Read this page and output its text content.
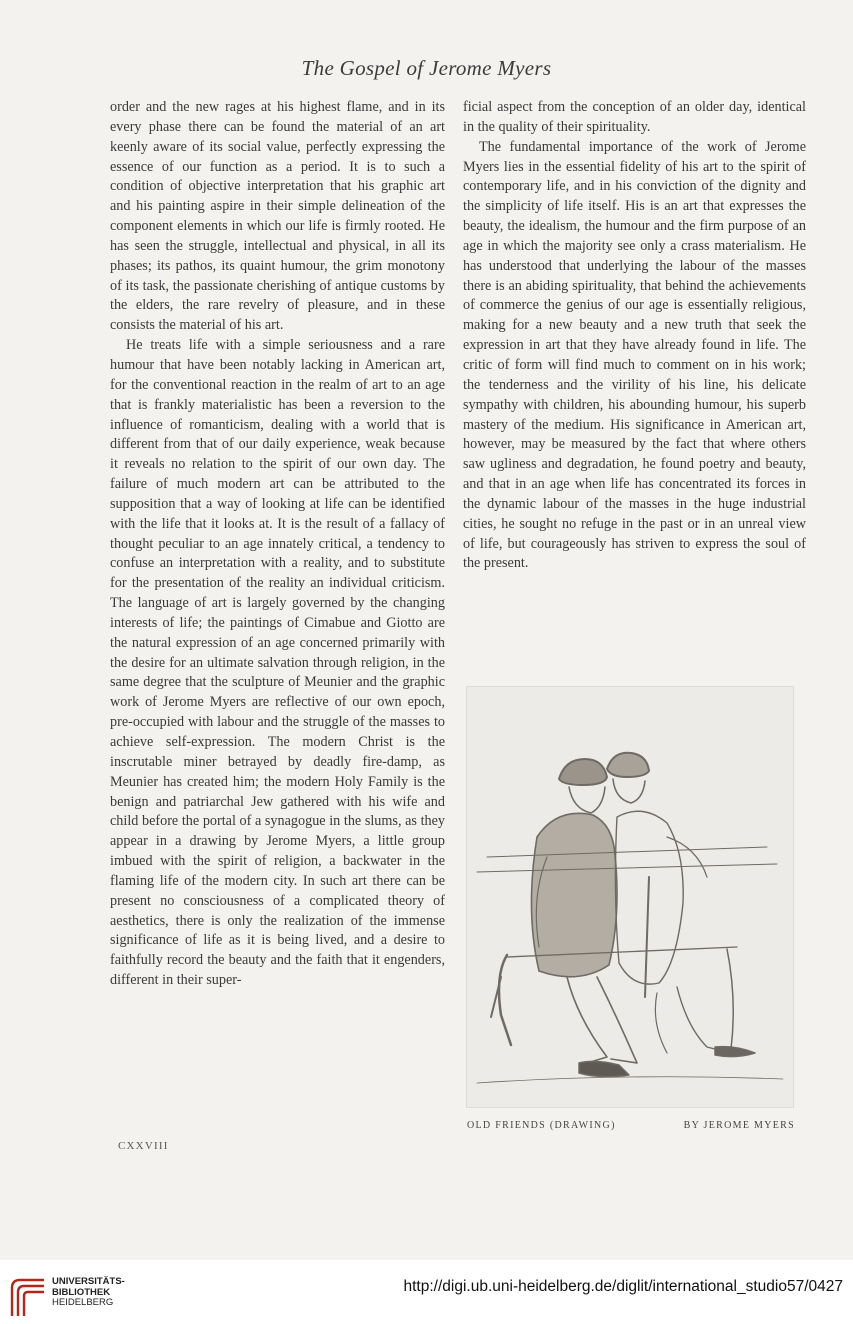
The Gospel of Jerome Myers

order and the new rages at his highest flame, and in its every phase there can be found the material of an art keenly aware of its social value, perfectly expressing the essence of our function as a period. It is to such a condition of objective interpretation that his graphic art and his painting aspire in their simple delineation of the component elements in which our life is firmly rooted. He has seen the struggle, intellectual and physical, in all its phases; its pathos, its quaint humour, the grim monotony of its task, the passionate cherishing of antique customs by the elders, the rare revelry of pleasure, and in these consists the material of his art.

He treats life with a simple seriousness and a rare humour that have been notably lacking in American art, for the conventional reaction in the realm of art to an age that is frankly materialistic has been a reversion to the influence of romanticism, dealing with a world that is different from that of our daily experience, weak because it reveals no relation to the spirit of our own day. The failure of much modern art can be attributed to the supposition that a way of looking at life can be identified with the life that it looks at. It is the result of a fallacy of thought peculiar to an age innately critical, a tendency to confuse an interpretation with a reality, and to substitute for the presentation of the reality an individual criticism. The language of art is largely governed by the changing interests of life; the paintings of Cimabue and Giotto are the natural expression of an age concerned primarily with the desire for an ultimate salvation through religion, in the same degree that the sculpture of Meunier and the graphic work of Jerome Myers are reflective of our own epoch, pre-occupied with labour and the struggle of the masses to achieve self-expression. The modern Christ is the inscrutable miner betrayed by deadly fire-damp, as Meunier has created him; the modern Holy Family is the benign and patriarchal Jew gathered with his wife and child before the portal of a synagogue in the slums, as they appear in a drawing by Jerome Myers, a little group imbued with the spirit of religion, a backwater in the flaming life of the modern city. In such art there can be present no consciousness of a complicated theory of aesthetics, there is only the realization of the immense significance of life as it is being lived, and a desire to faithfully record the beauty and the faith that it engenders, different in their super-

ficial aspect from the conception of an older day, identical in the quality of their spirituality.

The fundamental importance of the work of Jerome Myers lies in the essential fidelity of his art to the spirit of contemporary life, and in his conviction of the dignity and the simplicity of life itself. His is an art that expresses the beauty, the idealism, the humour and the firm purpose of an age in which the majority see only a crass materialism. He has understood that underlying the labour of the masses there is an abiding spirituality, that behind the achievements of commerce the genius of our age is essentially religious, making for a new beauty and a new truth that seek the expression in art that they have already found in life. The critic of form will find much to comment on in his work; the tenderness and the virility of his line, his delicate sympathy with children, his abounding humour, his superb mastery of the medium. His significance in American art, however, may be measured by the fact that where others saw ugliness and degradation, he found poetry and beauty, and that in an age when life has concentrated its forces in the dynamic labour of the masses in the huge industrial cities, he sought no refuge in the past or in an unreal view of life, but courageously has striven to express the soul of the present.

OLD FRIENDS (DRAWING)	BY JEROME MYERS
CXXVIII
UNIVERSITÄTS-
BIBLIOTHEK
HEIDELBERG
http://digi.ub.uni-heidelberg.de/diglit/international_studio57/0427
